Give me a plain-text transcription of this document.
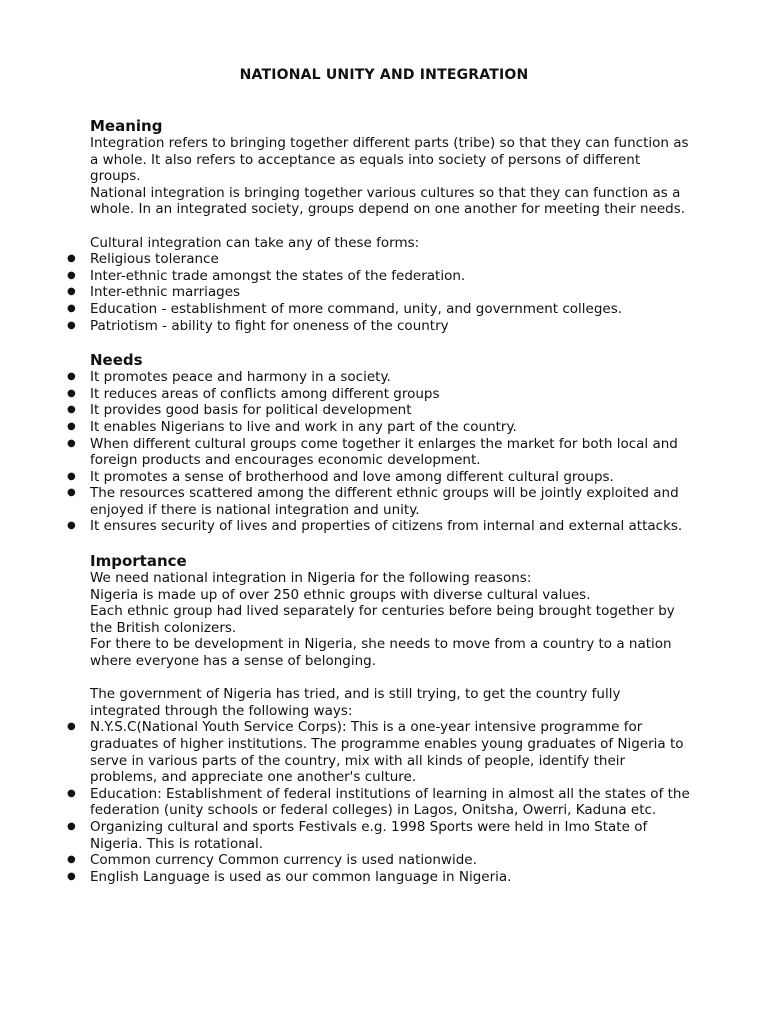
NATIONAL UNITY AND INTEGRATION
Meaning

Integration refers to bringing together different parts (tribe) so that they can function as a whole. It also refers to acceptance as equals into society of persons of different groups.

National integration is bringing together various cultures so that they can function as a whole. In an integrated society, groups depend on one another for meeting their needs.

Cultural integration can take any of these forms:

● Religious tolerance
● Inter-ethnic trade amongst the states of the federation.
● Inter-ethnic marriages
● Education - establishment of more command, unity, and government colleges.
● Patriotism - ability to fight for oneness of the country
Needs
● It promotes peace and harmony in a society.
● It reduces areas of conflicts among different groups
● It provides good basis for political development
● It enables Nigerians to live and work in any part of the country.
● When different cultural groups come together it enlarges the market for both local and foreign products and encourages economic development.
● It promotes a sense of brotherhood and love among different cultural groups.
● The resources scattered among the different ethnic groups will be jointly exploited and enjoyed if there is national integration and unity.
● It ensures security of lives and properties of citizens from internal and external attacks.
Importance

We need national integration in Nigeria for the following reasons:

Nigeria is made up of over 250 ethnic groups with diverse cultural values.

Each ethnic group had lived separately for centuries before being brought together by the British colonizers.

For there to be development in Nigeria, she needs to move from a country to a nation where everyone has a sense of belonging.

The government of Nigeria has tried, and is still trying, to get the country fully integrated through the following ways:

● N.Y.S.C(National Youth Service Corps): This is a one-year intensive programme for graduates of higher institutions. The programme enables young graduates of Nigeria to serve in various parts of the country, mix with all kinds of people, identify their problems, and appreciate one another's culture.
● Education: Establishment of federal institutions of learning in almost all the states of the federation (unity schools or federal colleges) in Lagos, Onitsha, Owerri, Kaduna etc.
● Organizing cultural and sports Festivals e.g. 1998 Sports were held in Imo State of Nigeria. This is rotational.
● Common currency Common currency is used nationwide.
● English Language is used as our common language in Nigeria.
